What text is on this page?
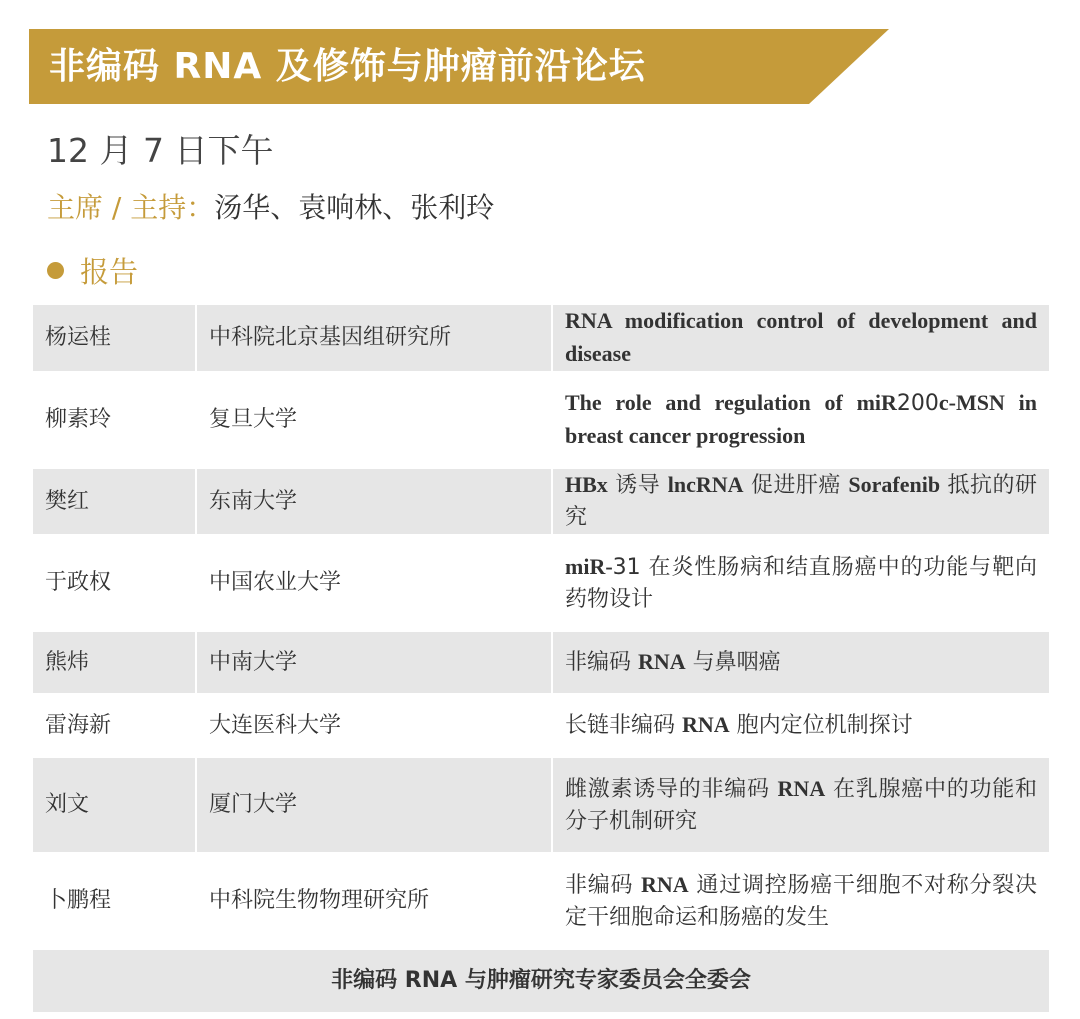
非编码 RNA 及修饰与肿瘤前沿论坛
12 月 7 日下午
主席 / 主持：汤华、袁响林、张利玲
报告
杨运桂	中科院北京基因组研究所	RNA modification control of development and disease
柳素玲	复旦大学	The role and regulation of miR200c-MSN in breast cancer progression
樊红	东南大学	HBx 诱导 lncRNA 促进肝癌 Sorafenib 抵抗的研究
于政权	中国农业大学	miR-31 在炎性肠病和结直肠癌中的功能与靶向药物设计
熊炜	中南大学	非编码 RNA 与鼻咽癌
雷海新	大连医科大学	长链非编码 RNA 胞内定位机制探讨
刘文	厦门大学	雌激素诱导的非编码 RNA 在乳腺癌中的功能和分子机制研究
卜鹏程	中科院生物物理研究所	非编码 RNA 通过调控肠癌干细胞不对称分裂决定干细胞命运和肠癌的发生
非编码 RNA 与肿瘤研究专家委员会全委会		
